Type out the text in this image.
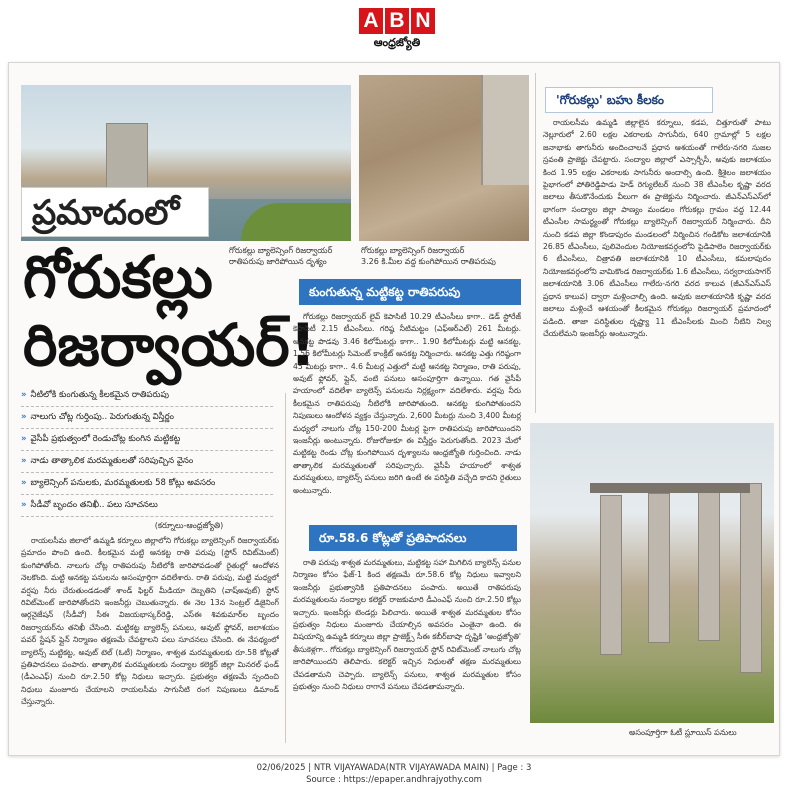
A B N
ఆంధ్రజ్యోతి
గోరుకల్లు బ్యాలెన్సింగ్ రిజర్వాయర్
రాతిపరుపు జారిపోయిన దృశ్యం
గోరుకల్లు బ్యాలెన్సింగ్ రిజర్వాయర్
3.26 కి.మీల వద్ద కుంగిపోయిన రాతిపరుపు
ప్రమాదంలో
గోరుకల్లు రిజర్వాయర్!
» నీటిలోకి కుంగుతున్న కీలకమైన రాతిపరుపు
» నాలుగు చోట్ల గుర్తింపు.. పెరుగుతున్న విస్తీర్ణం
» వైసీపీ ప్రభుత్వంలో రెండుచోట్ల కుంగిన మట్టికట్ట
» నాడు తాత్కాలిక మరమ్మతులతో సరిపుచ్చిన వైనం
» బ్యాలెన్సింగ్ పనులకు, మరమ్మతులకు 58 కోట్లు అవసరం
» సీడీవో బృందం తనిఖీ.. పలు సూచనలు
(కర్నూలు-ఆంధ్రజ్యోతి)

రాయలసీమ జిలాలో ఉమ్మడి కర్నూలు జిల్లాలోని గోరుకల్లు బ్యాలెన్సింగ్ రిజర్వాయర్‌కు ప్రమాదం పొంచి ఉంది. కీలకమైన మట్టి ఆనకట్ట రాతి పరుపు (స్టోన్ రివిట్‌మెంట్) కుంగిపోతోంది. నాలుగు చోట్ల రాతిపరుపు నీటిలోకి జారిపోవడంతో రైతుల్లో ఆందోళన నెలకొంది. మట్టి ఆనకట్ట పనులను అసంపూర్తిగా వదిలేశారు. రాతి పరుపు, మట్టి మధ్యలో వర్షపు నీరు చేరుతుండడంతో శాండ్ ఫిల్టర్ మీడియా దెబ్బతిని (వాష్అవుట్) స్టోన్ రివిట్‌మెంట్ జారిపోతోందని ఇంజనీర్లు చెబుతున్నారు. ఈ నెల 13న సెంట్రల్ డిజైనింగ్ ఆర్గనైజేషన్ (సీడీవో) సీఈ విజయభాస్కర్‌రెడ్డి, ఎస్ఈ శివకుమార్‌ల బృందం రిజర్వాయర్‌ను తనిఖీ చేసింది. మట్టికట్ట బ్యాలెన్స్ పనులు, అవుట్ ఫ్లోవర్, జలాశయం పవర్ స్టేషన్ ప్లైన్ నిర్మాణం తక్షణమే చేపట్టాలని పలు సూచనలు చేసింది. ఈ నేపథ్యంలో బ్యాలెన్స్ మట్టికట్ట, అవుట్ టెల్ (ఓటీ) నిర్మాణం, శాశ్వత మరమ్మతులకు రూ.58 కోట్లతో ప్రతిపాదనలు పంపారు. తాత్కాలిక మరమ్మతులకు నంద్యాల కలెక్టర్ జిల్లా మినరల్ ఫండ్ (డీఎంఎఫ్) నుంచి రూ.2.50 కోట్ల నిధులు ఇచ్చారు. ప్రభుత్వం తక్షణమే స్పందించి నిధులు మంజూరు చేయాలని రాయలసీమ సాగునీటి రంగ నిపుణులు డిమాండ్ చేస్తున్నారు.

కుంగుతున్న మట్టికట్ట రాతిపరుపు

గోరుకల్లు రిజర్వాయర్ లైవ్ కెపాసిటీ 10.29 టీఎంసీలు కాగా.. డెడ్ స్టోరేజ్ కెపాసిటీ 2.15 టీఎంసీలు. గరిష్ఠ నీటిమట్టం (ఎఫ్ఆర్ఎల్) 261 మీటర్లు. ఆనకట్ట పొడవు 3.46 కిలోమీటర్లు కాగా.. 1.90 కిలోమీటర్లు మట్టి ఆనకట్ట, 1.56 కిలోమీటర్లు సిమెంట్ కాంక్రీట్ ఆనకట్ట నిర్మించారు. ఆనకట్ట ఎత్తు గరిష్ఠంగా 45 మీటర్లు కాగా.. 4.6 మీటర్ల ఎత్తులో మట్టి ఆనకట్ట నిర్మాణం, రాతి పరుపు, అవుట్ ఫ్లోవర్, ప్లైన్, వంటి పనులు అసంపూర్తిగా ఉన్నాయి. గత వైసీపీ హయాంలో వదిలేశా బ్యాలెన్స్ పనులను నిర్లక్ష్యంగా వదిలేశారు. వర్షపు నీరు కీలకమైన రాతిపరుపు నీటిలోకి జారిపోతుంది. ఆనకట్ట కుంగిపోతుందని నిపుణులు ఆందోళన వ్యక్తం చేస్తున్నారు. 2,600 మీటర్లు నుంచి 3,400 మీటర్ల మధ్యలో నాలుగు చోట్ల 150-200 మీటర్ల పైగా రాతిపరుపు జారిపోయిందని ఇంజనీర్లు అంటున్నారు. రోజురోజుకూ ఈ విస్తీర్ణం పెరుగుతోంది. 2023 మేలో మట్టికట్ట రెండు చోట్ల కుంగిపోయిన దృశ్యాలను ఆంధ్రజ్యోతి గుర్తించింది. నాడు తాత్కాలిక మరమ్మతులతో సరిపుచ్చారు. వైసీపీ హయాంలో శాశ్వత మరమ్మతులు, బ్యాలెన్స్ పనులు జరిగి ఉంటే ఈ పరిస్థితి వచ్చేది కాదని రైతులు అంటున్నారు.

రూ.58.6 కోట్లతో ప్రతిపాదనలు

రాతి పరుపు శాశ్వత మరమ్మతులు, మట్టికట్ట సహా మిగిలిన బ్యాలెన్స్ పనుల నిర్మాణం కోసం ఫేజ్-1 కింద తక్షణమే రూ.58.6 కోట్ల నిధులు ఇవ్వాలని ఇంజనీర్లు ప్రభుత్వానికి ప్రతిపాదనలు పంపారు. అయితే రాతిపరుపు మరమ్మతులను నంద్యాల కలెక్టర్ రాజకుమారి డీఎంఎఫ్ నుంచి రూ.2.50 కోట్లు ఇచ్చారు. ఇంజనీర్లు టెండర్లు పిలిచారు. అయితే శాశ్వత మరమ్మతుల కోసం ప్రభుత్వం నిధులు మంజూరు చేయాల్సిన అవసరం ఎంతైనా ఉంది. ఈ విషయాన్ని ఉమ్మడి కర్నూలు జిల్లా ప్రాజెక్ట్స్ సీఈ కబీర్‌బాషా దృష్టికి 'ఆంధ్రజ్యోతి' తీసుకెళ్లగా.. గోరుకల్లు బ్యాలెన్సింగ్ రిజర్వాయర్ స్టోన్ రివిట్‌మెంట్ నాలుగు చోట్ల జారిపోయిందని తెలిపారు. కలెక్టర్ ఇచ్చిన నిధులతో తక్షణ మరమ్మతులు చేపడతామని చెప్పారు. బ్యాలెన్స్ పనులు, శాశ్వత మరమ్మతుల కోసం ప్రభుత్వం నుంచి నిధులు రాగానే పనులు చేపడతామన్నారు.

'గోరుకల్లు' బహు కీలకం

రాయలసీమ ఉమ్మడి జిల్లాలైన కర్నూలు, కడప, చిత్తూరుతో పాటు నెల్లూరులో 2.60 లక్షల ఎకరాలకు సాగునీరు, 640 గ్రామాల్లో 5 లక్షల జనాభాకు తాగునీరు అందించాలనే ప్రధాన ఆశయంతో గాలేరు-నగరి సుజల స్రవంతి ప్రాజెక్టు చేపట్టారు. సంద్యాల జిల్లాలో ఎస్సార్బీసీ, అవుకు జలాశయం కింద 1.95 లక్షల ఎకరాలకు సాగునీరు అందాల్సి ఉంది. శ్రీశైలం జలాశయం పైభాగంలో పోతిరెడ్డిపాడు హెడ్ రెగ్యులేటర్ నుంచి 38 టీఎంసీల కృష్ణా వరద జలాలు తీసుకొనేందుకు వీలుగా ఈ ప్రాజెక్టును నిర్మించారు. జీఎన్ఎస్ఎస్‌లో భాగంగా సంద్యాల జిల్లా పాణ్యం మండలం గోరుకల్లు గ్రామం వద్ద 12.44 టీఎంసీల సామర్థ్యంతో గోరుకల్లు బ్యాలెన్సింగ్ రిజర్వాయర్ నిర్మించారు. దీని నుంచి కడప జిల్లా కొండాపురం మండలంలో నిర్మించిన గండికోట జలాశయానికి 26.85 టీఎంసీలు, పులివెందుల నియోజకవర్గంలోని పైడిపాలెం రిజర్వాయర్‌కు 6 టీఎంసీలు, చిత్రావతి జలాశయానికి 10 టీఎంసీలు, కమలాపురం నియోజకవర్గంలోని వామికొండ రిజర్వాయర్‌కు 1.6 టీఎంసీలు, సర్వరాయసాగర్ జలాశయానికి 3.06 టీఎంసీలు గాలేరు-నగరి వరద కాలువ (జీఎన్ఎస్ఎస్ ప్రధాన కాలువ) ద్వారా మళ్లించాల్సి ఉంది. అవుకు జలాశయానికి కృష్ణా వరద జలాలు మళ్లించే ఆశయంతో కీలకమైన గోరుకల్లు రిజర్వాయర్ ప్రమాదంలో పడింది. తాజా పరిస్థితుల దృష్ట్యా 11 టీఎంసీలకు మించి నీటిని నిల్వ చేయలేమని ఇంజనీర్లు అంటున్నారు.

అసంపూర్తిగా ఓటీ స్లూయిస్ పనులు
02/06/2025 | NTR VIJAYAWADA(NTR VIJAYAWADA MAIN) | Page : 3
Source : https://epaper.andhrajyothy.com
